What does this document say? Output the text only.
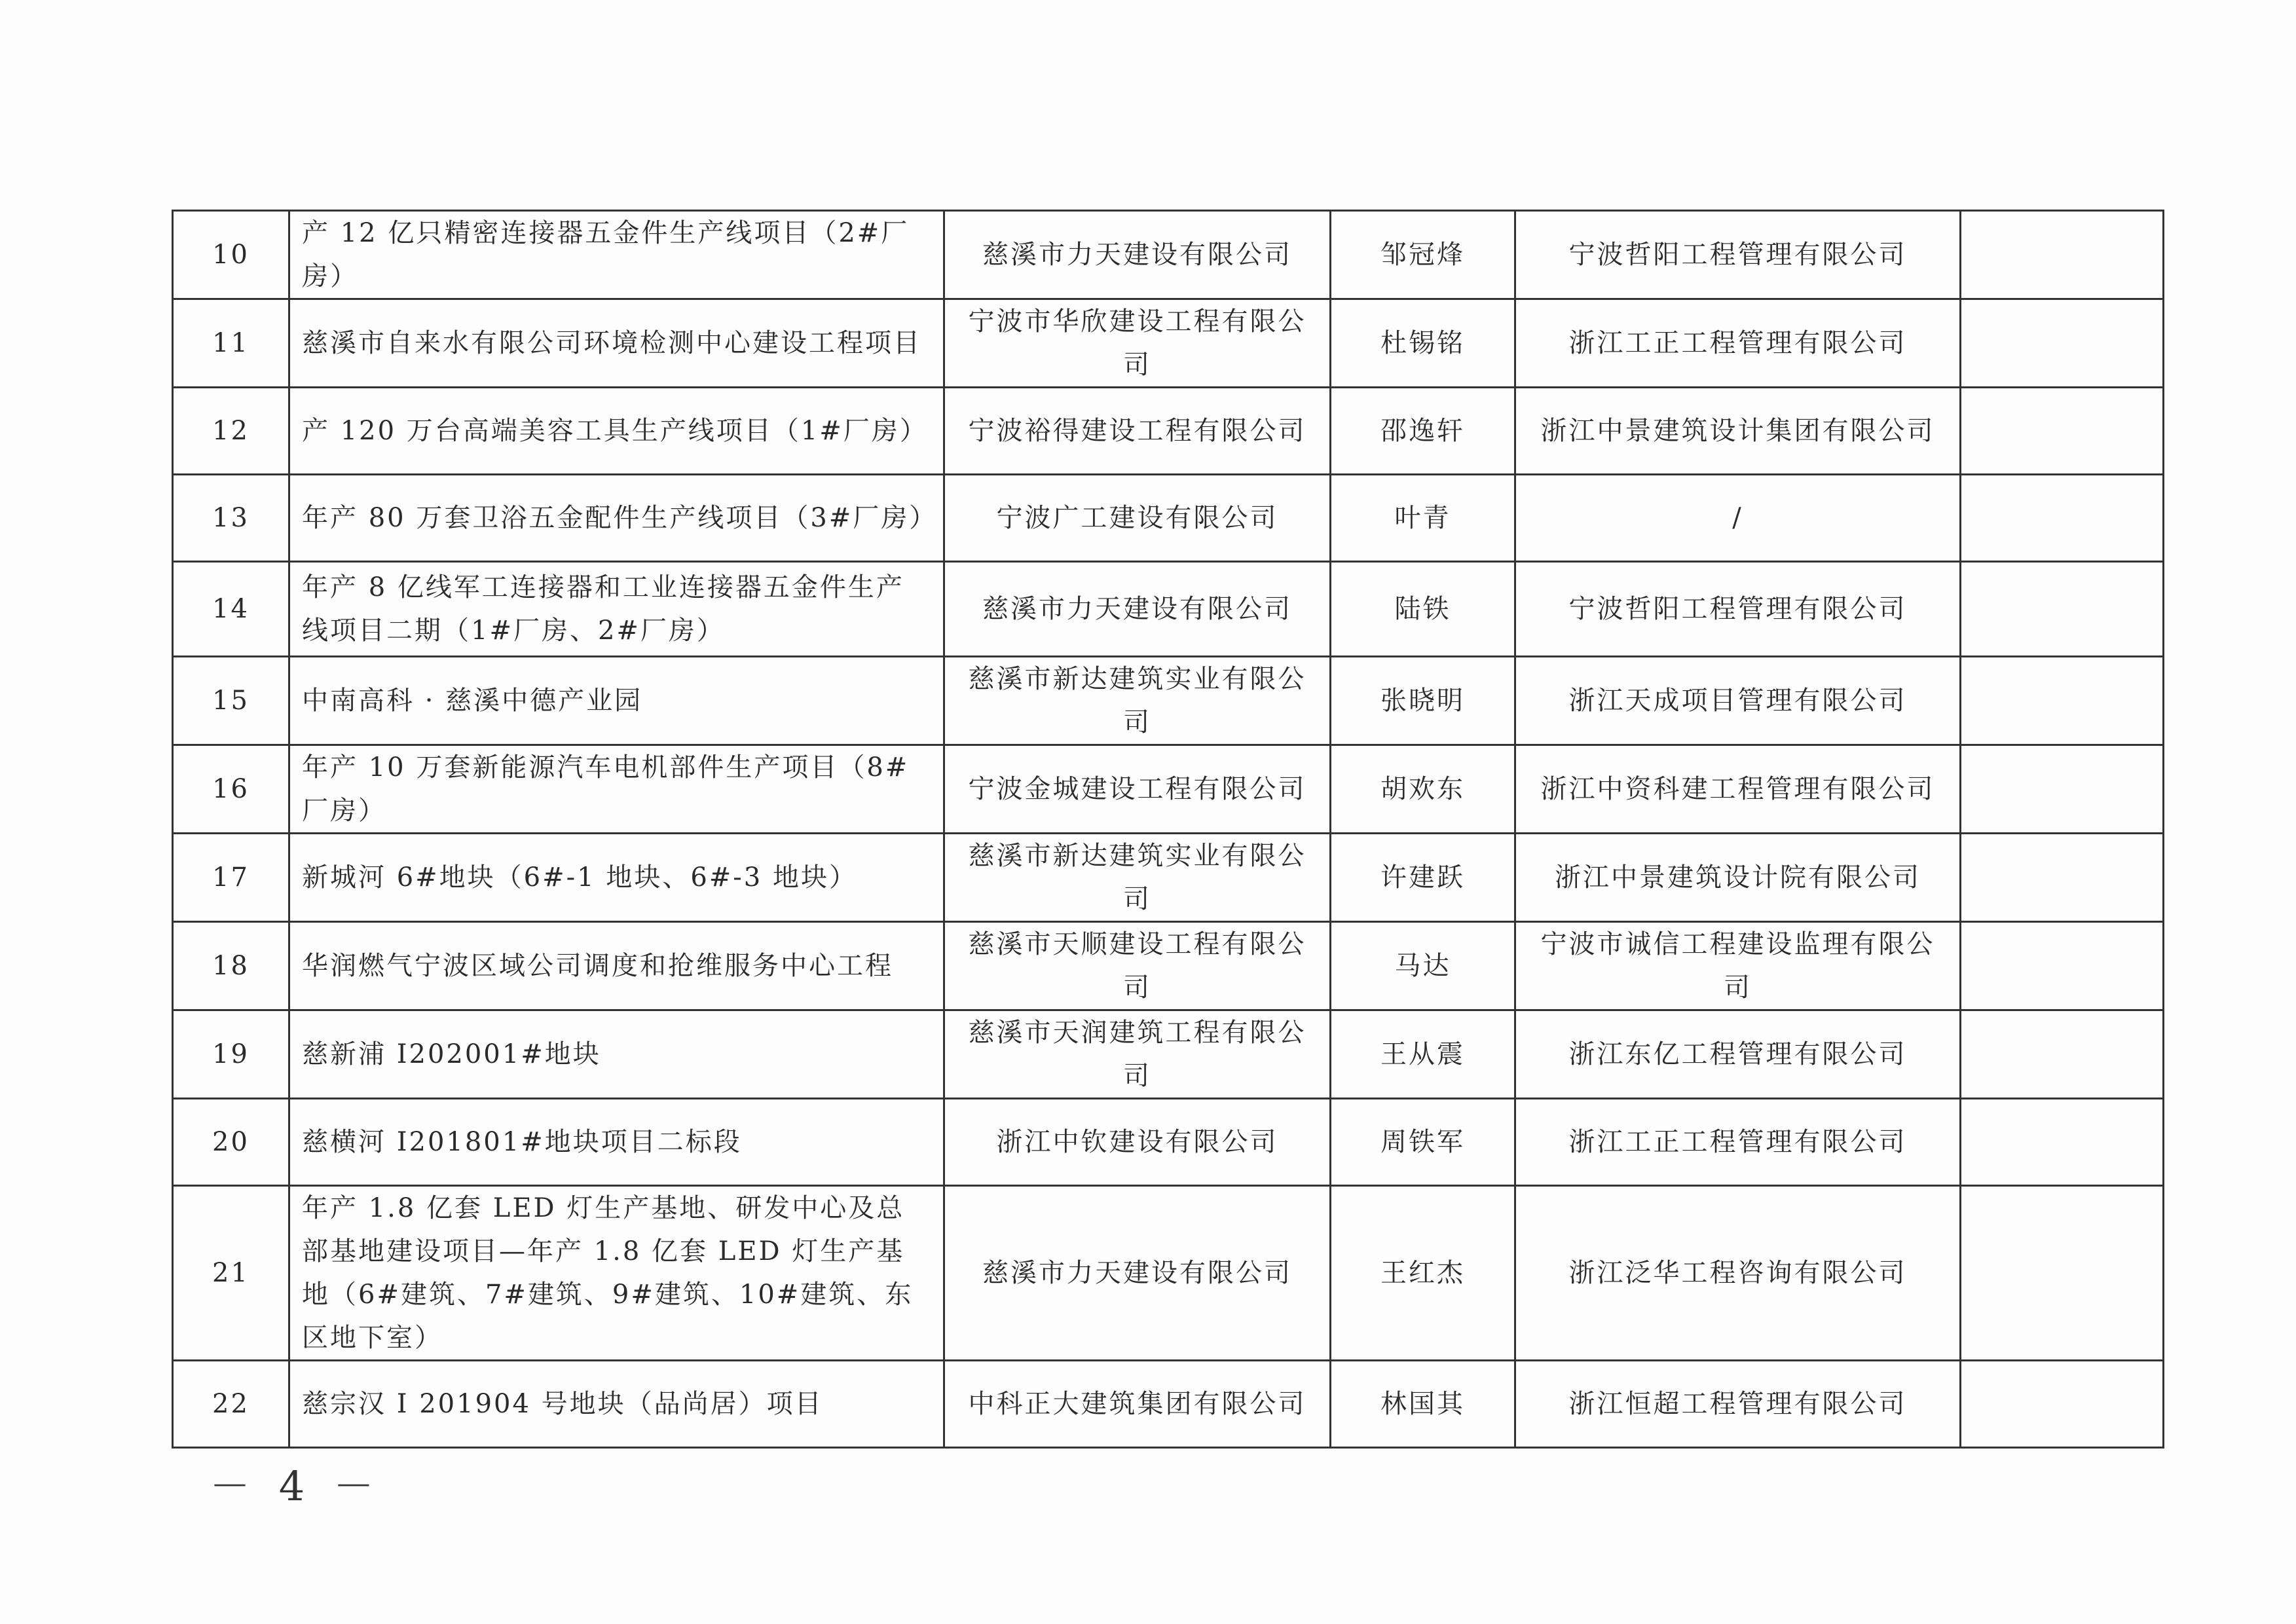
10	产 12 亿只精密连接器五金件生产线项目（2#厂房）	慈溪市力天建设有限公司	邹冠烽	宁波哲阳工程管理有限公司	
11	慈溪市自来水有限公司环境检测中心建设工程项目	宁波市华欣建设工程有限公司	杜锡铭	浙江工正工程管理有限公司	
12	产 120 万台高端美容工具生产线项目（1#厂房）	宁波裕得建设工程有限公司	邵逸轩	浙江中景建筑设计集团有限公司	
13	年产 80 万套卫浴五金配件生产线项目（3#厂房）	宁波广工建设有限公司	叶青	/	
14	年产 8 亿线军工连接器和工业连接器五金件生产线项目二期（1#厂房、2#厂房）	慈溪市力天建设有限公司	陆铁	宁波哲阳工程管理有限公司	
15	中南高科 · 慈溪中德产业园	慈溪市新达建筑实业有限公司	张晓明	浙江天成项目管理有限公司	
16	年产 10 万套新能源汽车电机部件生产项目（8#厂房）	宁波金城建设工程有限公司	胡欢东	浙江中资科建工程管理有限公司	
17	新城河 6#地块（6#-1 地块、6#-3 地块）	慈溪市新达建筑实业有限公司	许建跃	浙江中景建筑设计院有限公司	
18	华润燃气宁波区域公司调度和抢维服务中心工程	慈溪市天顺建设工程有限公司	马达	宁波市诚信工程建设监理有限公司	
19	慈新浦 I202001#地块	慈溪市天润建筑工程有限公司	王从震	浙江东亿工程管理有限公司	
20	慈横河 I201801#地块项目二标段	浙江中钦建设有限公司	周铁军	浙江工正工程管理有限公司	
21	年产 1.8 亿套 LED 灯生产基地、研发中心及总部基地建设项目—年产 1.8 亿套 LED 灯生产基地（6#建筑、7#建筑、9#建筑、10#建筑、东区地下室）	慈溪市力天建设有限公司	王红杰	浙江泛华工程咨询有限公司	
22	慈宗汉 I 201904 号地块（品尚居）项目	中科正大建筑集团有限公司	林国其	浙江恒超工程管理有限公司	
－ 4 －
